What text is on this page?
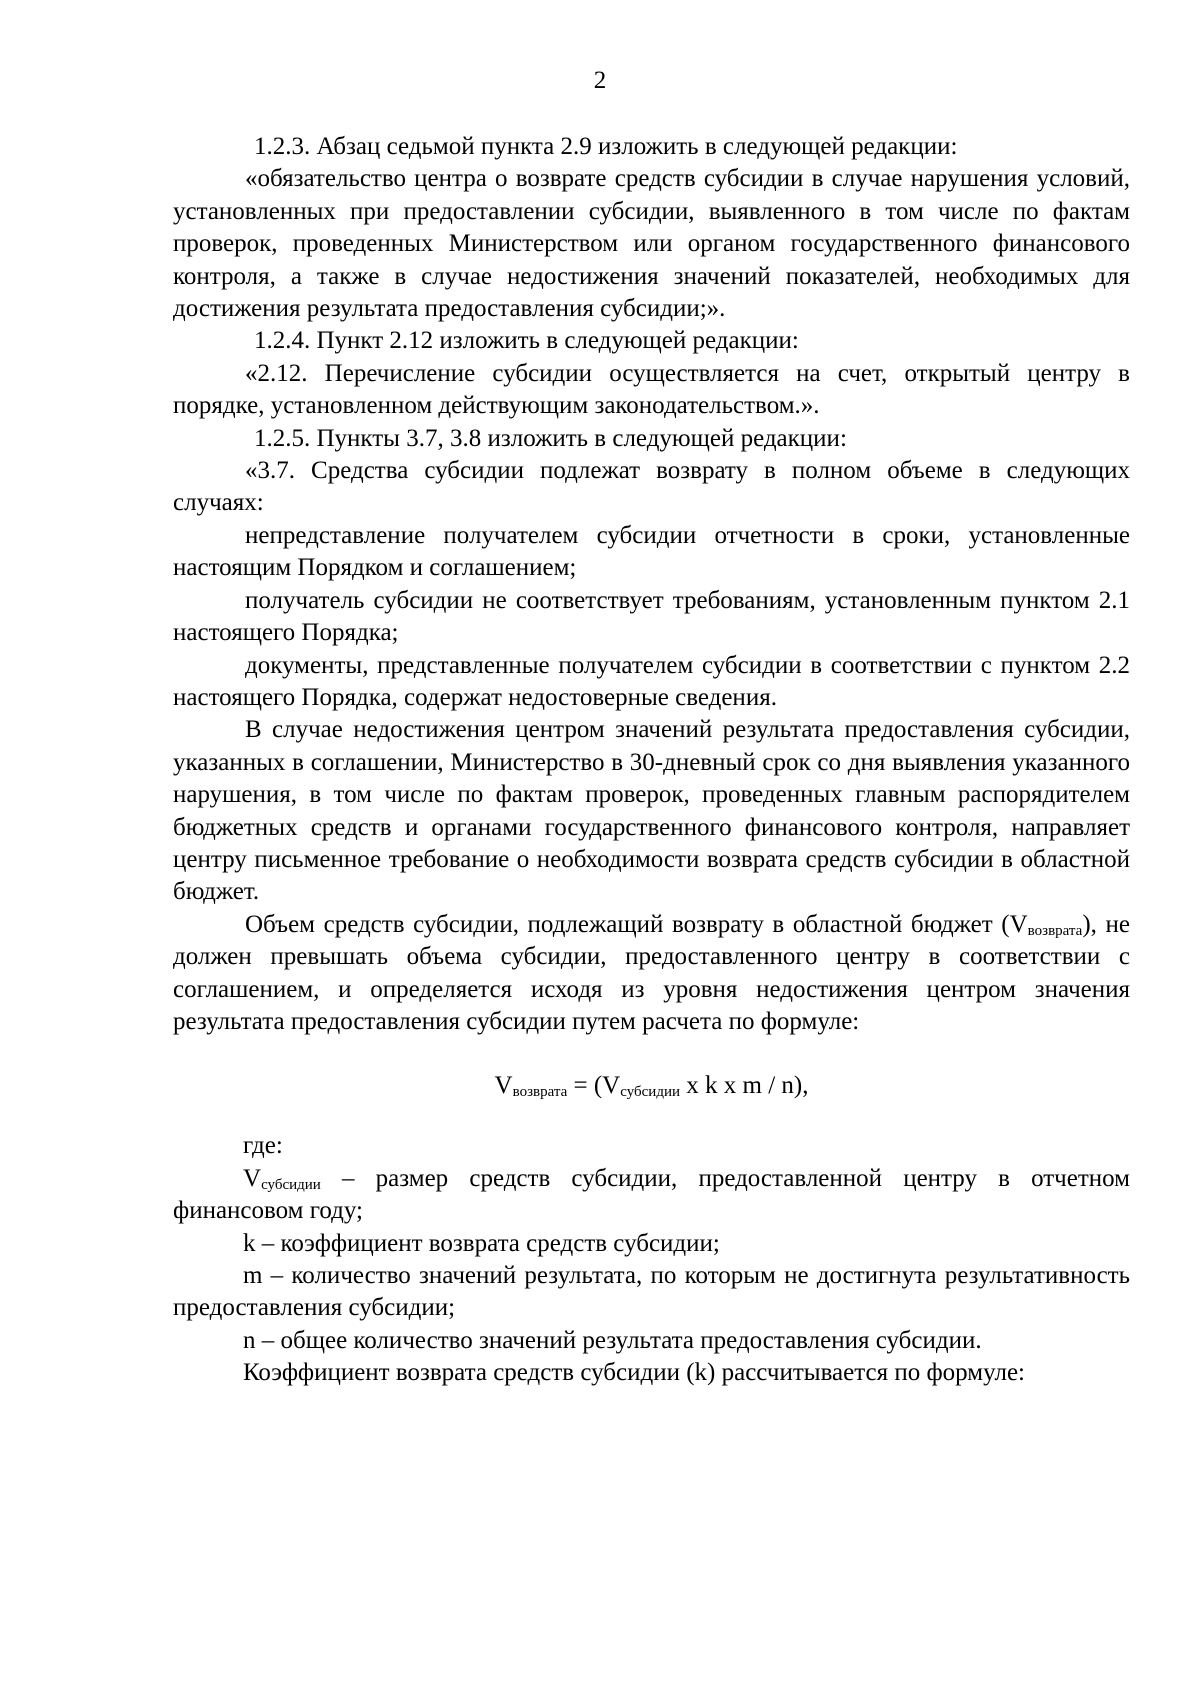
2

1.2.3. Абзац седьмой пункта 2.9 изложить в следующей редакции:

«обязательство центра о возврате средств субсидии в случае нарушения условий, установленных при предоставлении субсидии, выявленного в том числе по фактам проверок, проведенных Министерством или органом государственного финансового контроля, а также в случае недостижения значений показателей, необходимых для достижения результата предоставления субсидии;».

1.2.4. Пункт 2.12 изложить в следующей редакции:

«2.12. Перечисление субсидии осуществляется на счет, открытый центру в порядке, установленном действующим законодательством.».

1.2.5. Пункты 3.7, 3.8 изложить в следующей редакции:

«3.7. Средства субсидии подлежат возврату в полном объеме в следующих случаях:

непредставление получателем субсидии отчетности в сроки, установленные настоящим Порядком и соглашением;

получатель субсидии не соответствует требованиям, установленным пунктом 2.1 настоящего Порядка;

документы, представленные получателем субсидии в соответствии с пунктом 2.2 настоящего Порядка, содержат недостоверные сведения.

В случае недостижения центром значений результата предоставления субсидии, указанных в соглашении, Министерство в 30-дневный срок со дня выявления указанного нарушения, в том числе по фактам проверок, проведенных главным распорядителем бюджетных средств и органами государственного финансового контроля, направляет центру письменное требование о необходимости возврата средств субсидии в областной бюджет.

Объем средств субсидии, подлежащий возврату в областной бюджет $(V_{возврата})$, не должен превышать объема субсидии, предоставленного центру в соответствии с соглашением, и определяется исходя из уровня недостижения центром значения результата предоставления субсидии путем расчета по формуле:

$V_{возврата} = (V_{субсидии}$ x k x m / n),

где:

$V_{субсидии}$ – размер средств субсидии, предоставленной центру в отчетном финансовом году;

k – коэффициент возврата средств субсидии;

m – количество значений результата, по которым не достигнута результативность предоставления субсидии;

n – общее количество значений результата предоставления субсидии.

Коэффициент возврата средств субсидии (k) рассчитывается по формуле:
